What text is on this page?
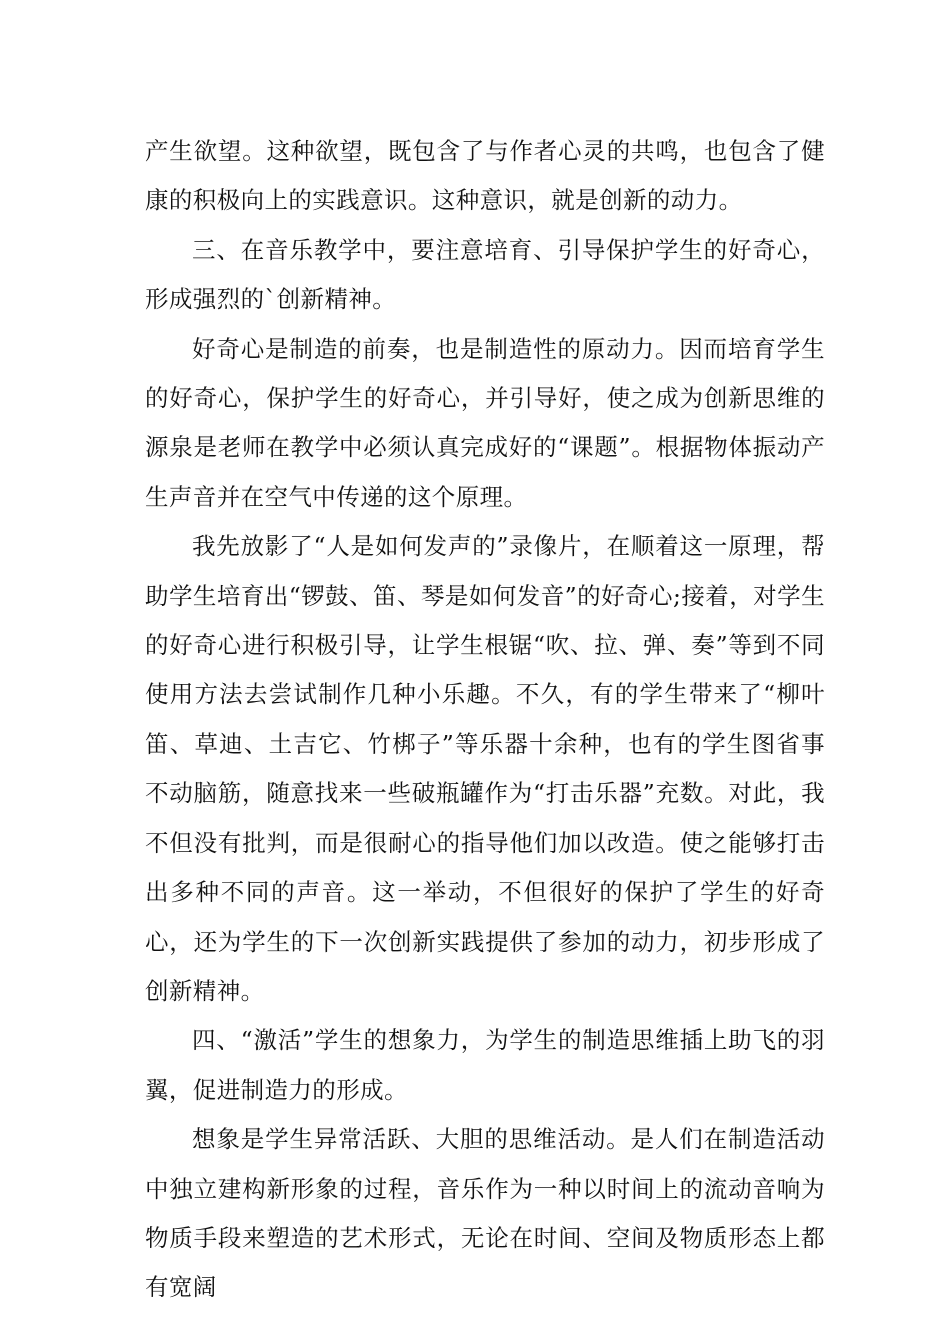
产生欲望。这种欲望，既包含了与作者心灵的共鸣，也包含了健康的积极向上的实践意识。这种意识，就是创新的动力。

三、在音乐教学中，要注意培育、引导保护学生的好奇心，形成强烈的`创新精神。

好奇心是制造的前奏，也是制造性的原动力。因而培育学生的好奇心，保护学生的好奇心，并引导好，使之成为创新思维的源泉是老师在教学中必须认真完成好的“课题”。根据物体振动产生声音并在空气中传递的这个原理。

我先放影了“人是如何发声的”录像片，在顺着这一原理，帮助学生培育出“锣鼓、笛、琴是如何发音”的好奇心;接着，对学生的好奇心进行积极引导，让学生根锯“吹、拉、弹、奏”等到不同使用方法去尝试制作几种小乐趣。不久，有的学生带来了“柳叶笛、草迪、土吉它、竹梆子”等乐器十余种，也有的学生图省事不动脑筋，随意找来一些破瓶罐作为“打击乐器”充数。对此，我不但没有批判，而是很耐心的指导他们加以改造。使之能够打击出多种不同的声音。这一举动，不但很好的保护了学生的好奇心，还为学生的下一次创新实践提供了参加的动力，初步形成了创新精神。

四、“激活”学生的想象力，为学生的制造思维插上助飞的羽翼，促进制造力的形成。

想象是学生异常活跃、大胆的思维活动。是人们在制造活动中独立建构新形象的过程，音乐作为一种以时间上的流动音响为物质手段来塑造的艺术形式，无论在时间、空间及物质形态上都有宽阔
